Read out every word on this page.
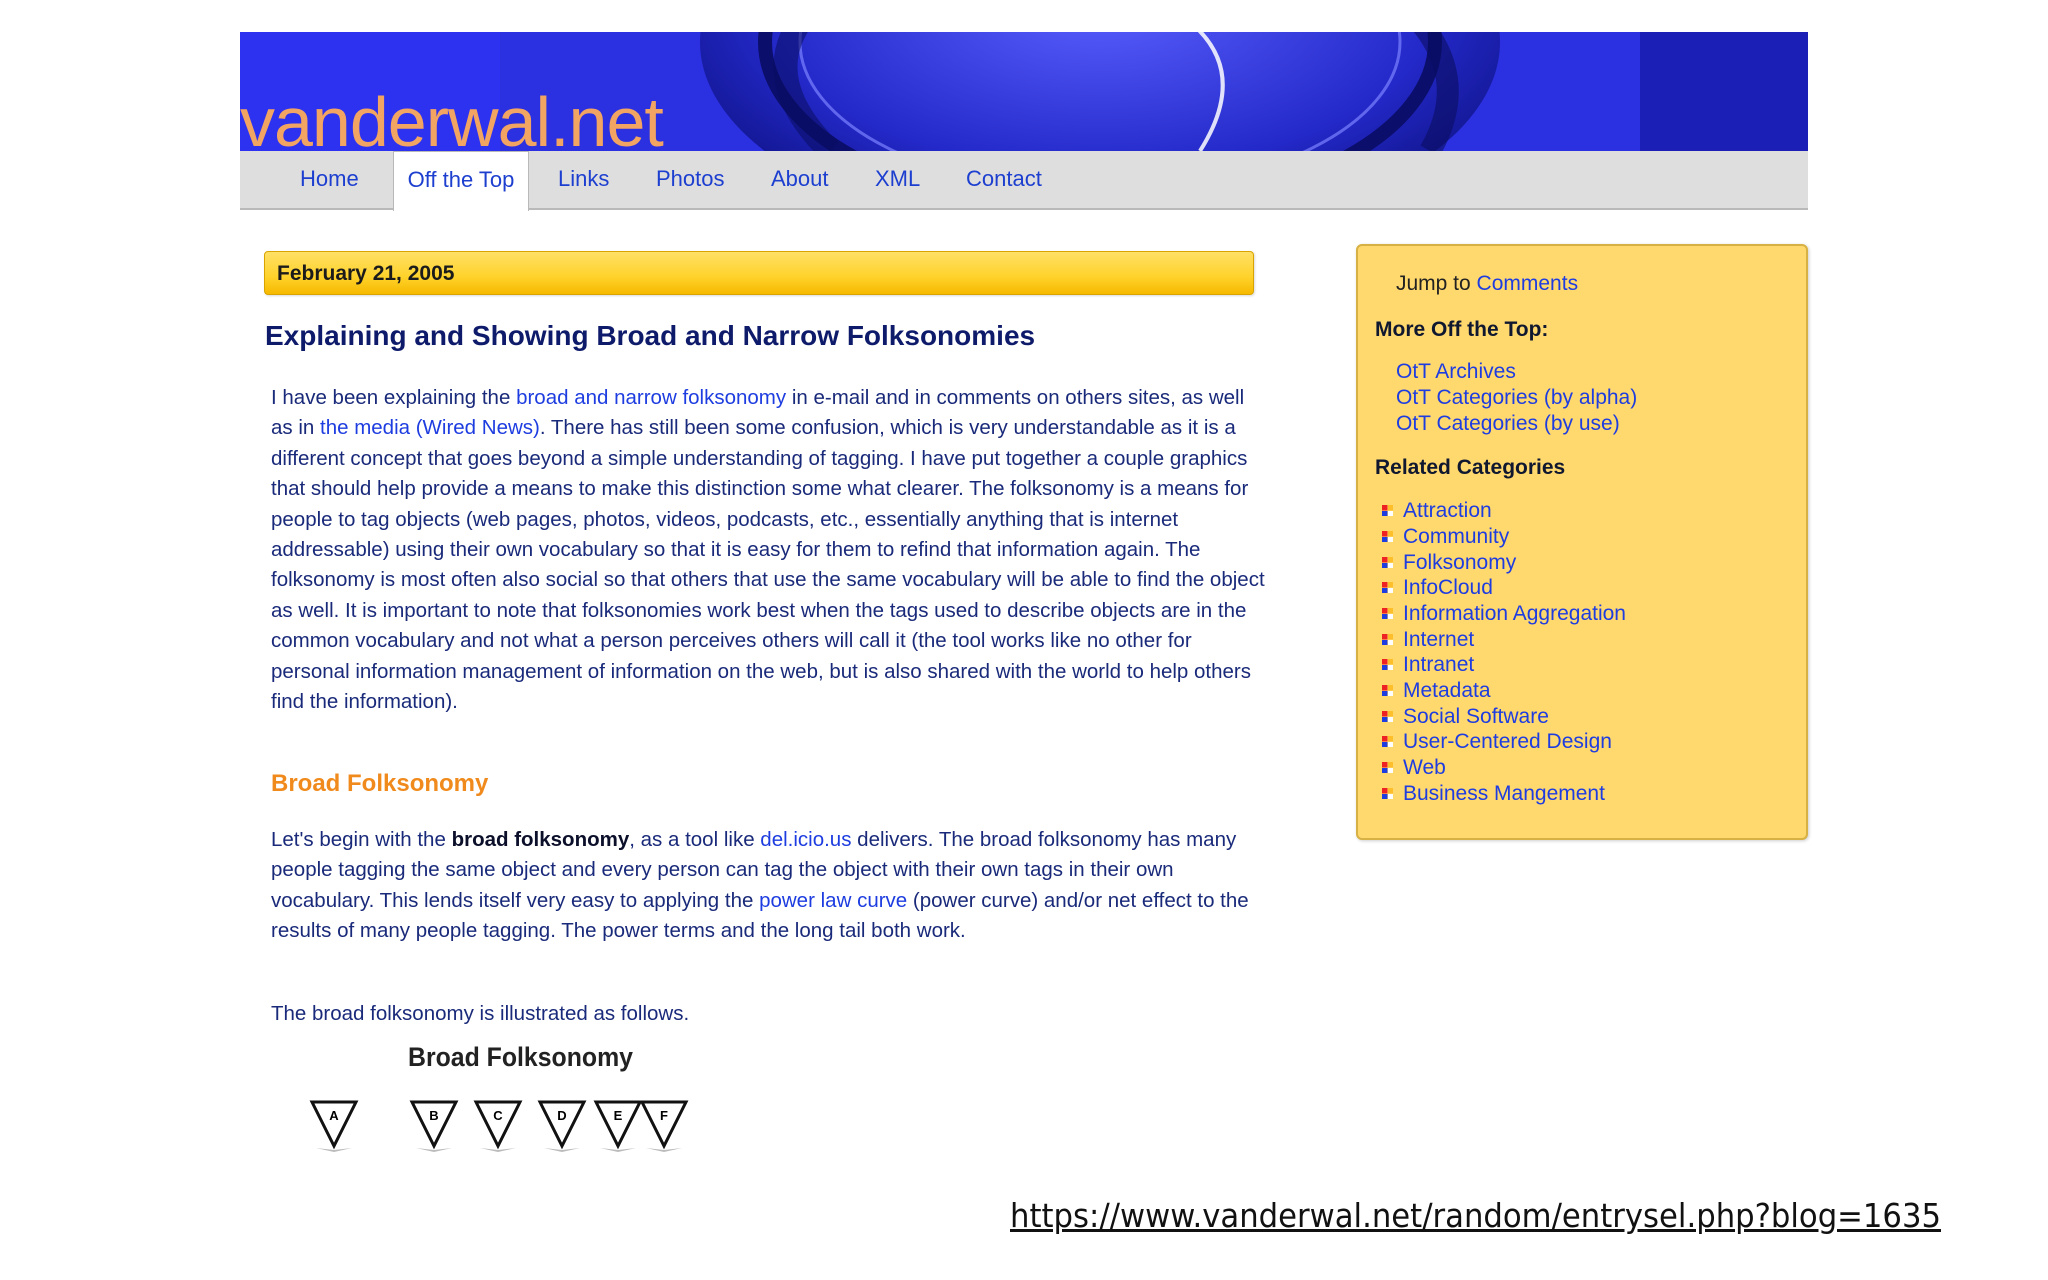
vanderwal.net
Home	Off the Top	Links	Photos	About	XML	Contact
February 21, 2005
Explaining and Showing Broad and Narrow Folksonomies

I have been explaining the broad and narrow folksonomy in e-mail and in comments on others sites, as well as in the media (Wired News). There has still been some confusion, which is very understandable as it is a different concept that goes beyond a simple understanding of tagging. I have put together a couple graphics that should help provide a means to make this distinction some what clearer. The folksonomy is a means for people to tag objects (web pages, photos, videos, podcasts, etc., essentially anything that is internet addressable) using their own vocabulary so that it is easy for them to refind that information again. The folksonomy is most often also social so that others that use the same vocabulary will be able to find the object as well. It is important to note that folksonomies work best when the tags used to describe objects are in the common vocabulary and not what a person perceives others will call it (the tool works like no other for personal information management of information on the web, but is also shared with the world to help others find the information).

Broad Folksonomy

Let's begin with the broad folksonomy, as a tool like del.icio.us delivers. The broad folksonomy has many people tagging the same object and every person can tag the object with their own tags in their own vocabulary. This lends itself very easy to applying the power law curve (power curve) and/or net effect to the results of many people tagging. The power terms and the long tail both work.

The broad folksonomy is illustrated as follows.

Broad Folksonomy
A	B	C	D	E	F
Jump to Comments
More Off the Top:
OtT Archives
OtT Categories (by alpha)
OtT Categories (by use)
Related Categories
Attraction
Community
Folksonomy
InfoCloud
Information Aggregation
Internet
Intranet
Metadata
Social Software
User-Centered Design
Web
Business Mangement
https://www.vanderwal.net/random/entrysel.php?blog=1635
